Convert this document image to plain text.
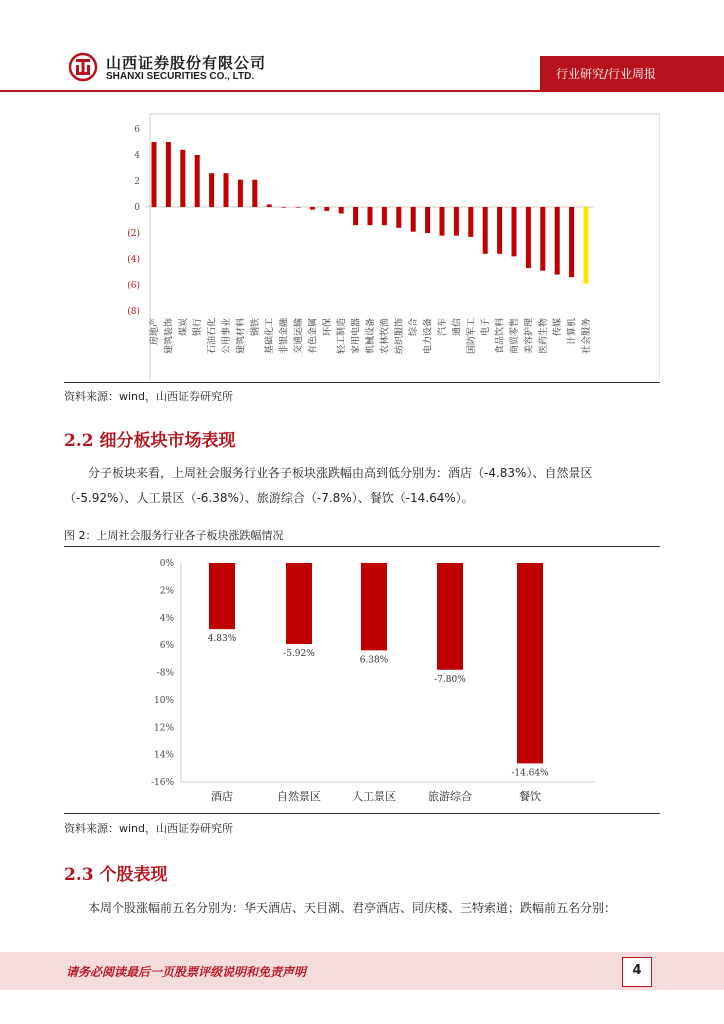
山西证券股份有限公司
SHANXI SECURITIES CO., LTD.	行业研究/行业周报
6
4
2
0
(2)
(4)
(6)
(8)
房地产 建筑装饰 煤炭 银行 石油石化 公用事业 建筑材料 钢铁 基础化工 非银金融 交通运输 有色金属 环保 轻工制造 家用电器 机械设备 农林牧渔 纺织服饰 综合 电力设备 汽车 通信 国防军工 电子 食品饮料 商贸零售 美容护理 医药生物 传媒 计算机 社会服务
资料来源：wind，山西证券研究所
2.2 细分板块市场表现

分子板块来看，上周社会服务行业各子板块涨跌幅由高到低分别为：酒店（-4.83%）、自然景区（-5.92%）、人工景区（-6.38%）、旅游综合（-7.8%）、餐饮（-14.64%）。

图 2：上周社会服务行业各子板块涨跌幅情况
0%
2%
4%
6%
-8%
10%
12%
14%
-16%
4.83%
酒店
-5.92%
自然景区
6.38%
人工景区
-7.80%
旅游综合
-14.64%
餐饮
资料来源：wind，山西证券研究所
2.3 个股表现

本周个股涨幅前五名分别为：华天酒店、天目湖、君亭酒店、同庆楼、三特索道；跌幅前五名分别：

请务必阅读最后一页股票评级说明和免责声明	4
